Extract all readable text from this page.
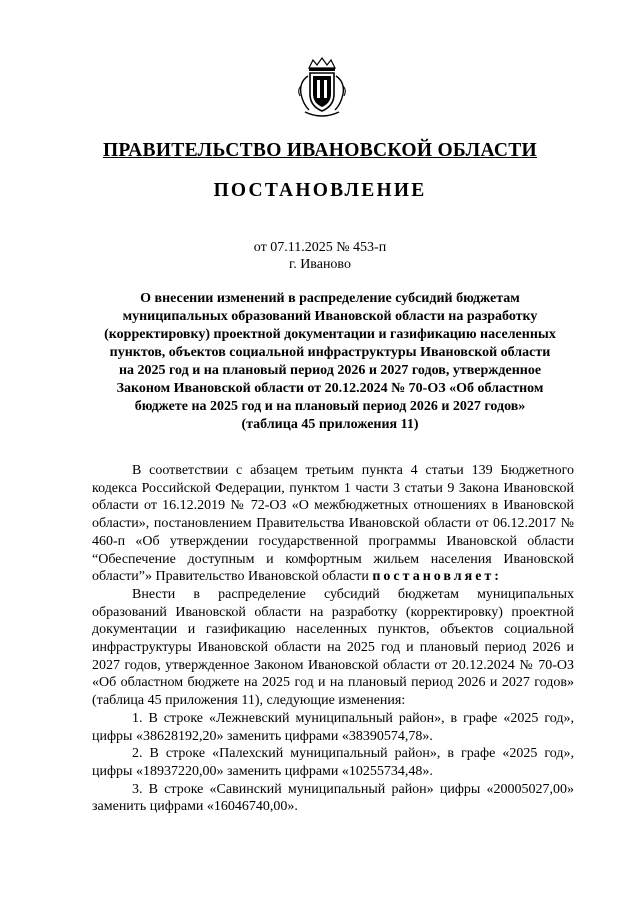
ПРАВИТЕЛЬСТВО ИВАНОВСКОЙ ОБЛАСТИ
ПОСТАНОВЛЕНИЕ
от 07.11.2025 № 453-п
г. Иваново
О внесении изменений в распределение субсидий бюджетам
муниципальных образований Ивановской области на разработку
(корректировку) проектной документации и газификацию населенных
пунктов, объектов социальной инфраструктуры Ивановской области
на 2025 год и на плановый период 2026 и 2027 годов, утвержденное
Законом Ивановской области от 20.12.2024 № 70-ОЗ «Об областном
бюджете на 2025 год и на плановый период 2026 и 2027 годов»
(таблица 45 приложения 11)

В соответствии с абзацем третьим пункта 4 статьи 139 Бюджетного кодекса Российской Федерации, пунктом 1 части 3 статьи 9 Закона Ивановской области от 16.12.2019 № 72-ОЗ «О межбюджетных отношениях в Ивановской области», постановлением Правительства Ивановской области от 06.12.2017 № 460-п «Об утверждении государственной программы Ивановской области “Обеспечение доступным и комфортным жильем населения Ивановской области”» Правительство Ивановской области постановляет:

Внести в распределение субсидий бюджетам муниципальных образований Ивановской области на разработку (корректировку) проектной документации и газификацию населенных пунктов, объектов социальной инфраструктуры Ивановской области на 2025 год и плановый период 2026 и 2027 годов, утвержденное Законом Ивановской области от 20.12.2024 № 70-ОЗ «Об областном бюджете на 2025 год и на плановый период 2026 и 2027 годов» (таблица 45 приложения 11), следующие изменения:

1. В строке «Лежневский муниципальный район», в графе «2025 год», цифры «38628192,20» заменить цифрами «38390574,78».

2. В строке «Палехский муниципальный район», в графе «2025 год», цифры «18937220,00» заменить цифрами «10255734,48».

3. В строке «Савинский муниципальный район» цифры «20005027,00» заменить цифрами «16046740,00».
